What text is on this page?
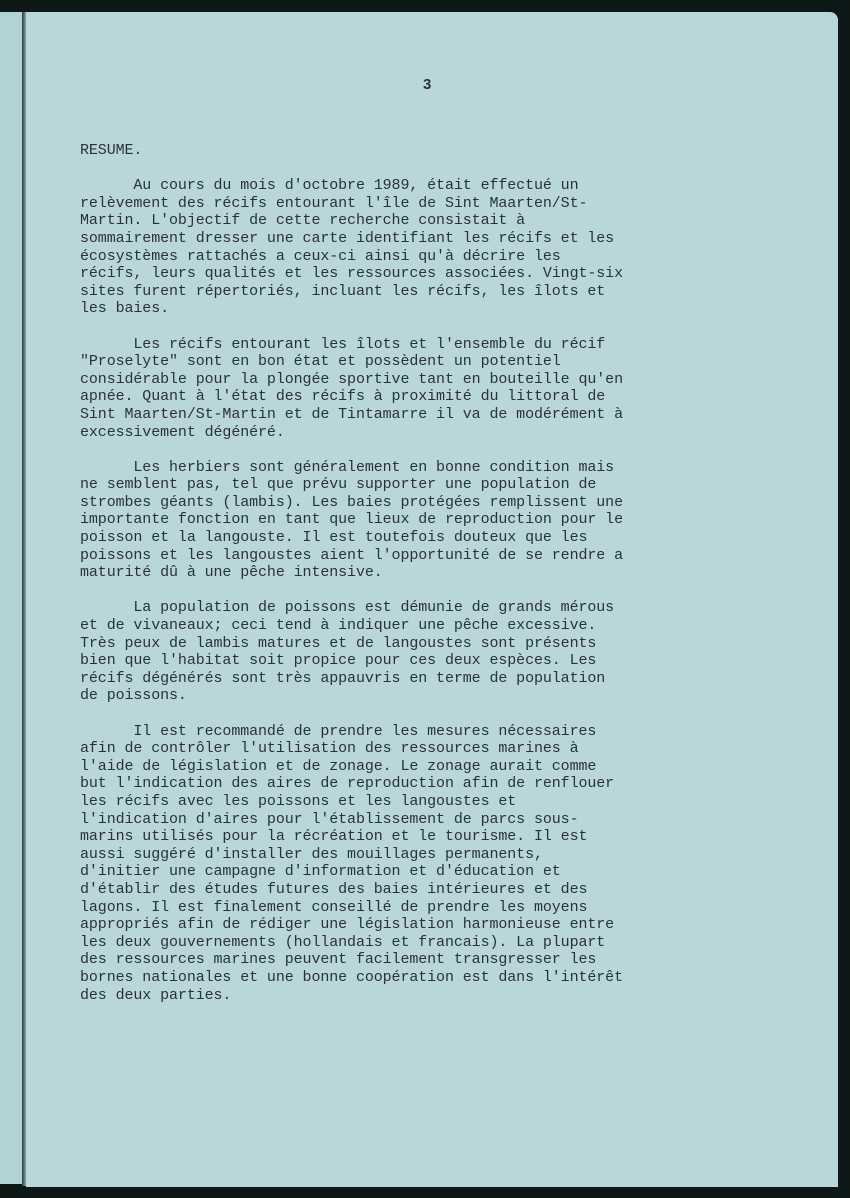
3
RESUME.
Au cours du mois d'octobre 1989, était effectué un
relèvement des récifs entourant l'île de Sint Maarten/St-
Martin. L'objectif de cette recherche consistait à
sommairement dresser une carte identifiant les récifs et les
écosystèmes rattachés a ceux-ci ainsi qu'à décrire les
récifs, leurs qualités et les ressources associées. Vingt-six
sites furent répertoriés, incluant les récifs, les îlots et
les baies.
Les récifs entourant les îlots et l'ensemble du récif
"Proselyte" sont en bon état et possèdent un potentiel
considérable pour la plongée sportive tant en bouteille qu'en
apnée. Quant à l'état des récifs à proximité du littoral de
Sint Maarten/St-Martin et de Tintamarre il va de modérément à
excessivement dégénéré.
Les herbiers sont généralement en bonne condition mais
ne semblent pas, tel que prévu supporter une population de
strombes géants (lambis). Les baies protégées remplissent une
importante fonction en tant que lieux de reproduction pour le
poisson et la langouste. Il est toutefois douteux que les
poissons et les langoustes aient l'opportunité de se rendre a
maturité dû à une pêche intensive.
La population de poissons est démunie de grands mérous
et de vivaneaux; ceci tend à indiquer une pêche excessive.
Très peux de lambis matures et de langoustes sont présents
bien que l'habitat soit propice pour ces deux espèces. Les
récifs dégénérés sont très appauvris en terme de population
de poissons.
Il est recommandé de prendre les mesures nécessaires
afin de contrôler l'utilisation des ressources marines à
l'aide de législation et de zonage. Le zonage aurait comme
but l'indication des aires de reproduction afin de renflouer
les récifs avec les poissons et les langoustes et
l'indication d'aires pour l'établissement de parcs sous-
marins utilisés pour la récréation et le tourisme. Il est
aussi suggéré d'installer des mouillages permanents,
d'initier une campagne d'information et d'éducation et
d'établir des études futures des baies intérieures et des
lagons. Il est finalement conseillé de prendre les moyens
appropriés afin de rédiger une législation harmonieuse entre
les deux gouvernements (hollandais et francais). La plupart
des ressources marines peuvent facilement transgresser les
bornes nationales et une bonne coopération est dans l'intérêt
des deux parties.
